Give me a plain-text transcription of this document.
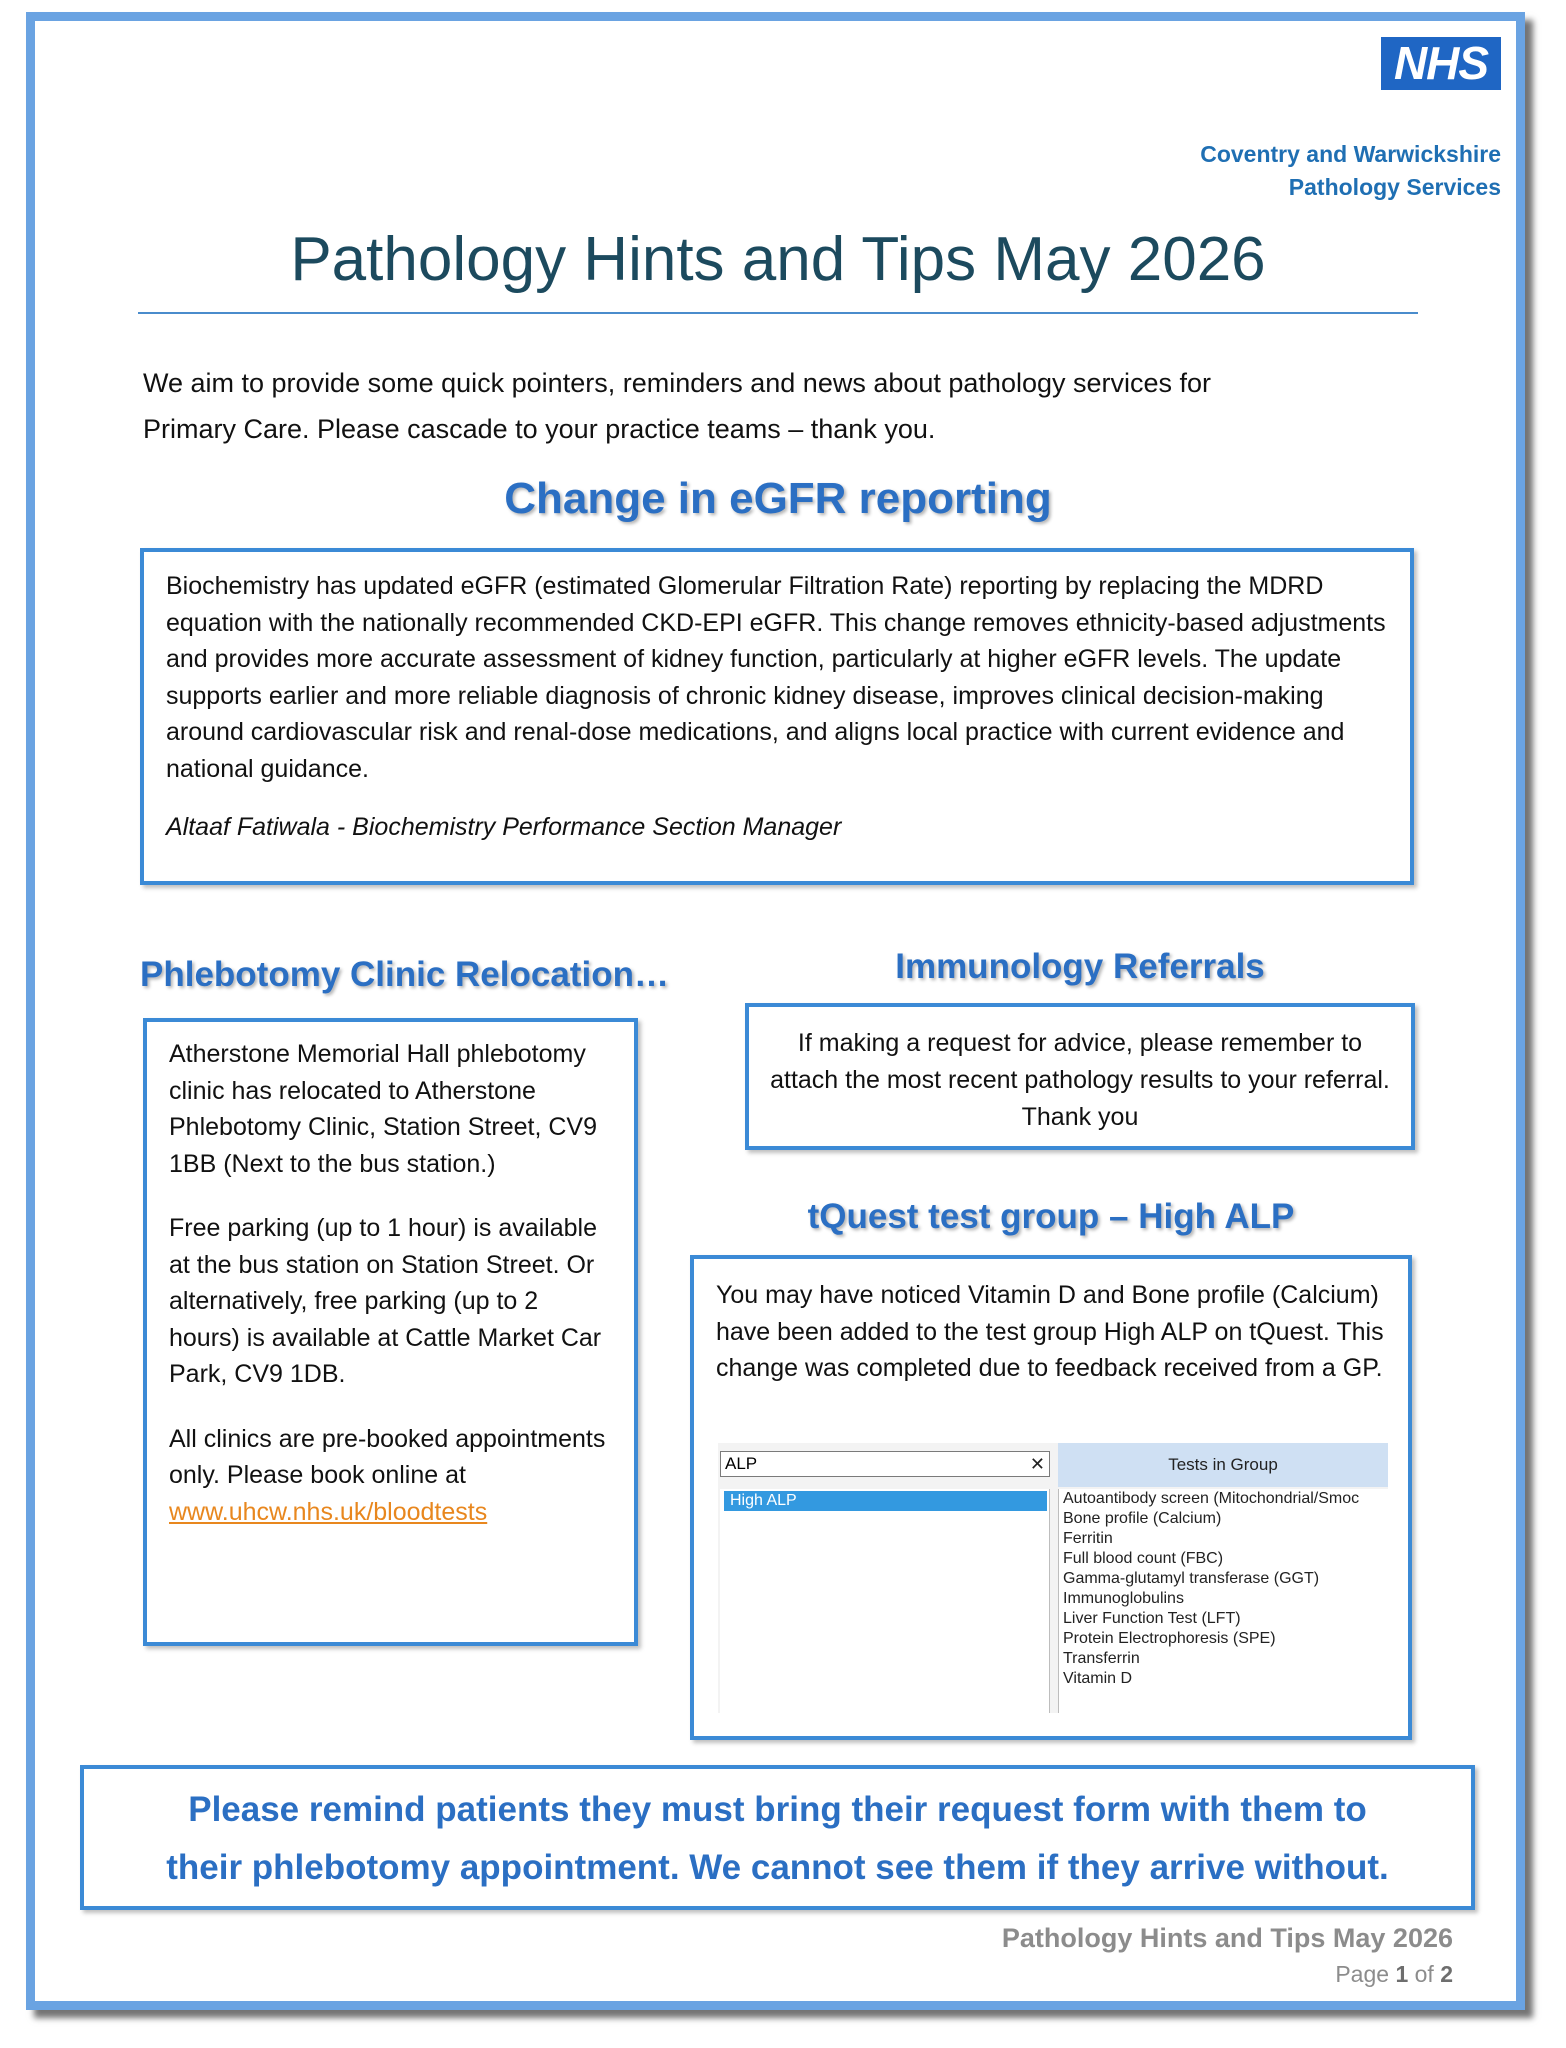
NHS
Coventry and Warwickshire
Pathology Services
Pathology Hints and Tips May 2026
We aim to provide some quick pointers, reminders and news about pathology services for
Primary Care. Please cascade to your practice teams – thank you.
Change in eGFR reporting

Biochemistry has updated eGFR (estimated Glomerular Filtration Rate) reporting by replacing the MDRD equation with the nationally recommended CKD-EPI eGFR. This change removes ethnicity-based adjustments and provides more accurate assessment of kidney function, particularly at higher eGFR levels. The update supports earlier and more reliable diagnosis of chronic kidney disease, improves clinical decision-making around cardiovascular risk and renal-dose medications, and aligns local practice with current evidence and national guidance.

Altaaf Fatiwala - Biochemistry Performance Section Manager

Phlebotomy Clinic Relocation…

Atherstone Memorial Hall phlebotomy clinic has relocated to Atherstone Phlebotomy Clinic, Station Street, CV9 1BB (Next to the bus station.)

Free parking (up to 1 hour) is available at the bus station on Station Street. Or alternatively, free parking (up to 2 hours) is available at Cattle Market Car Park, CV9 1DB.

All clinics are pre-booked appointments only. Please book online at
www.uhcw.nhs.uk/bloodtests

Immunology Referrals

If making a request for advice, please remember to attach the most recent pathology results to your referral. Thank you

tQuest test group – High ALP

You may have noticed Vitamin D and Bone profile (Calcium) have been added to the test group High ALP on tQuest. This change was completed due to feedback received from a GP.

ALP	✕	Tests in Group
High ALP	Autoantibody screen (Mitochondrial/Smoc
Bone profile (Calcium)
Ferritin
Full blood count (FBC)
Gamma-glutamyl transferase (GGT)
Immunoglobulins
Liver Function Test (LFT)
Protein Electrophoresis (SPE)
Transferrin
Vitamin D
Please remind patients they must bring their request form with them to
their phlebotomy appointment. We cannot see them if they arrive without.
Pathology Hints and Tips May 2026
Page 1 of 2
